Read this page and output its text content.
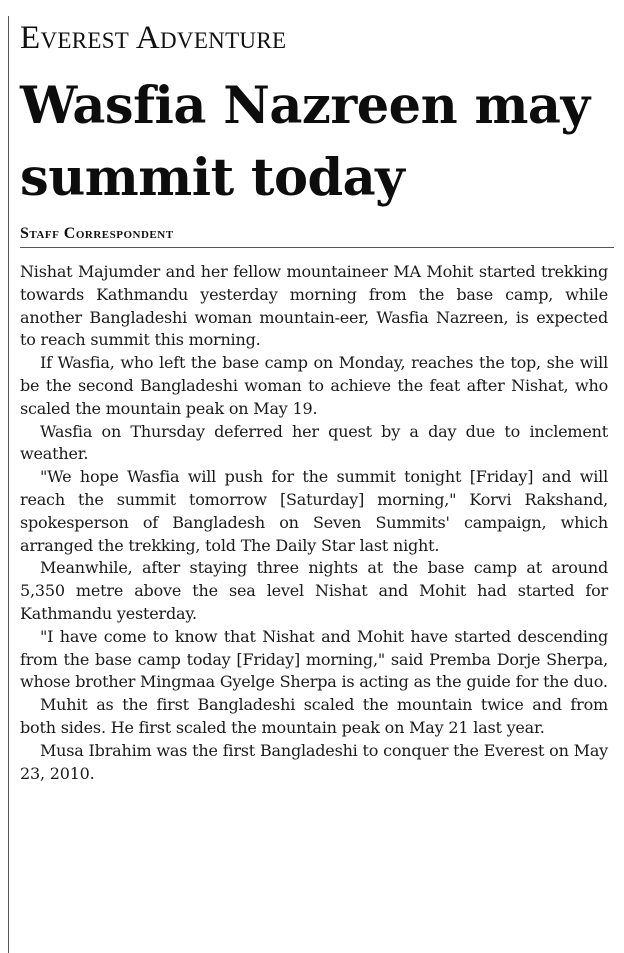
Everest Adventure
Wasfia Nazreen may summit today
Staff Correspondent

Nishat Majumder and her fellow mountaineer MA Mohit started trekking towards Kathmandu yesterday morning from the base camp, while another Bangladeshi woman mountain-eer, Wasfia Nazreen, is expected to reach summit this morning.

If Wasfia, who left the base camp on Monday, reaches the top, she will be the second Bangladeshi woman to achieve the feat after Nishat, who scaled the mountain peak on May 19.

Wasfia on Thursday deferred her quest by a day due to inclement weather.

"We hope Wasfia will push for the summit tonight [Friday] and will reach the summit tomorrow [Saturday] morning," Korvi Rakshand, spokesperson of Bangladesh on Seven Summits' campaign, which arranged the trekking, told The Daily Star last night.

Meanwhile, after staying three nights at the base camp at around 5,350 metre above the sea level Nishat and Mohit had started for Kathmandu yesterday.

"I have come to know that Nishat and Mohit have started descending from the base camp today [Friday] morning," said Premba Dorje Sherpa, whose brother Mingmaa Gyelge Sherpa is acting as the guide for the duo.

Muhit as the first Bangladeshi scaled the mountain twice and from both sides. He first scaled the mountain peak on May 21 last year.

Musa Ibrahim was the first Bangladeshi to conquer the Everest on May 23, 2010.
